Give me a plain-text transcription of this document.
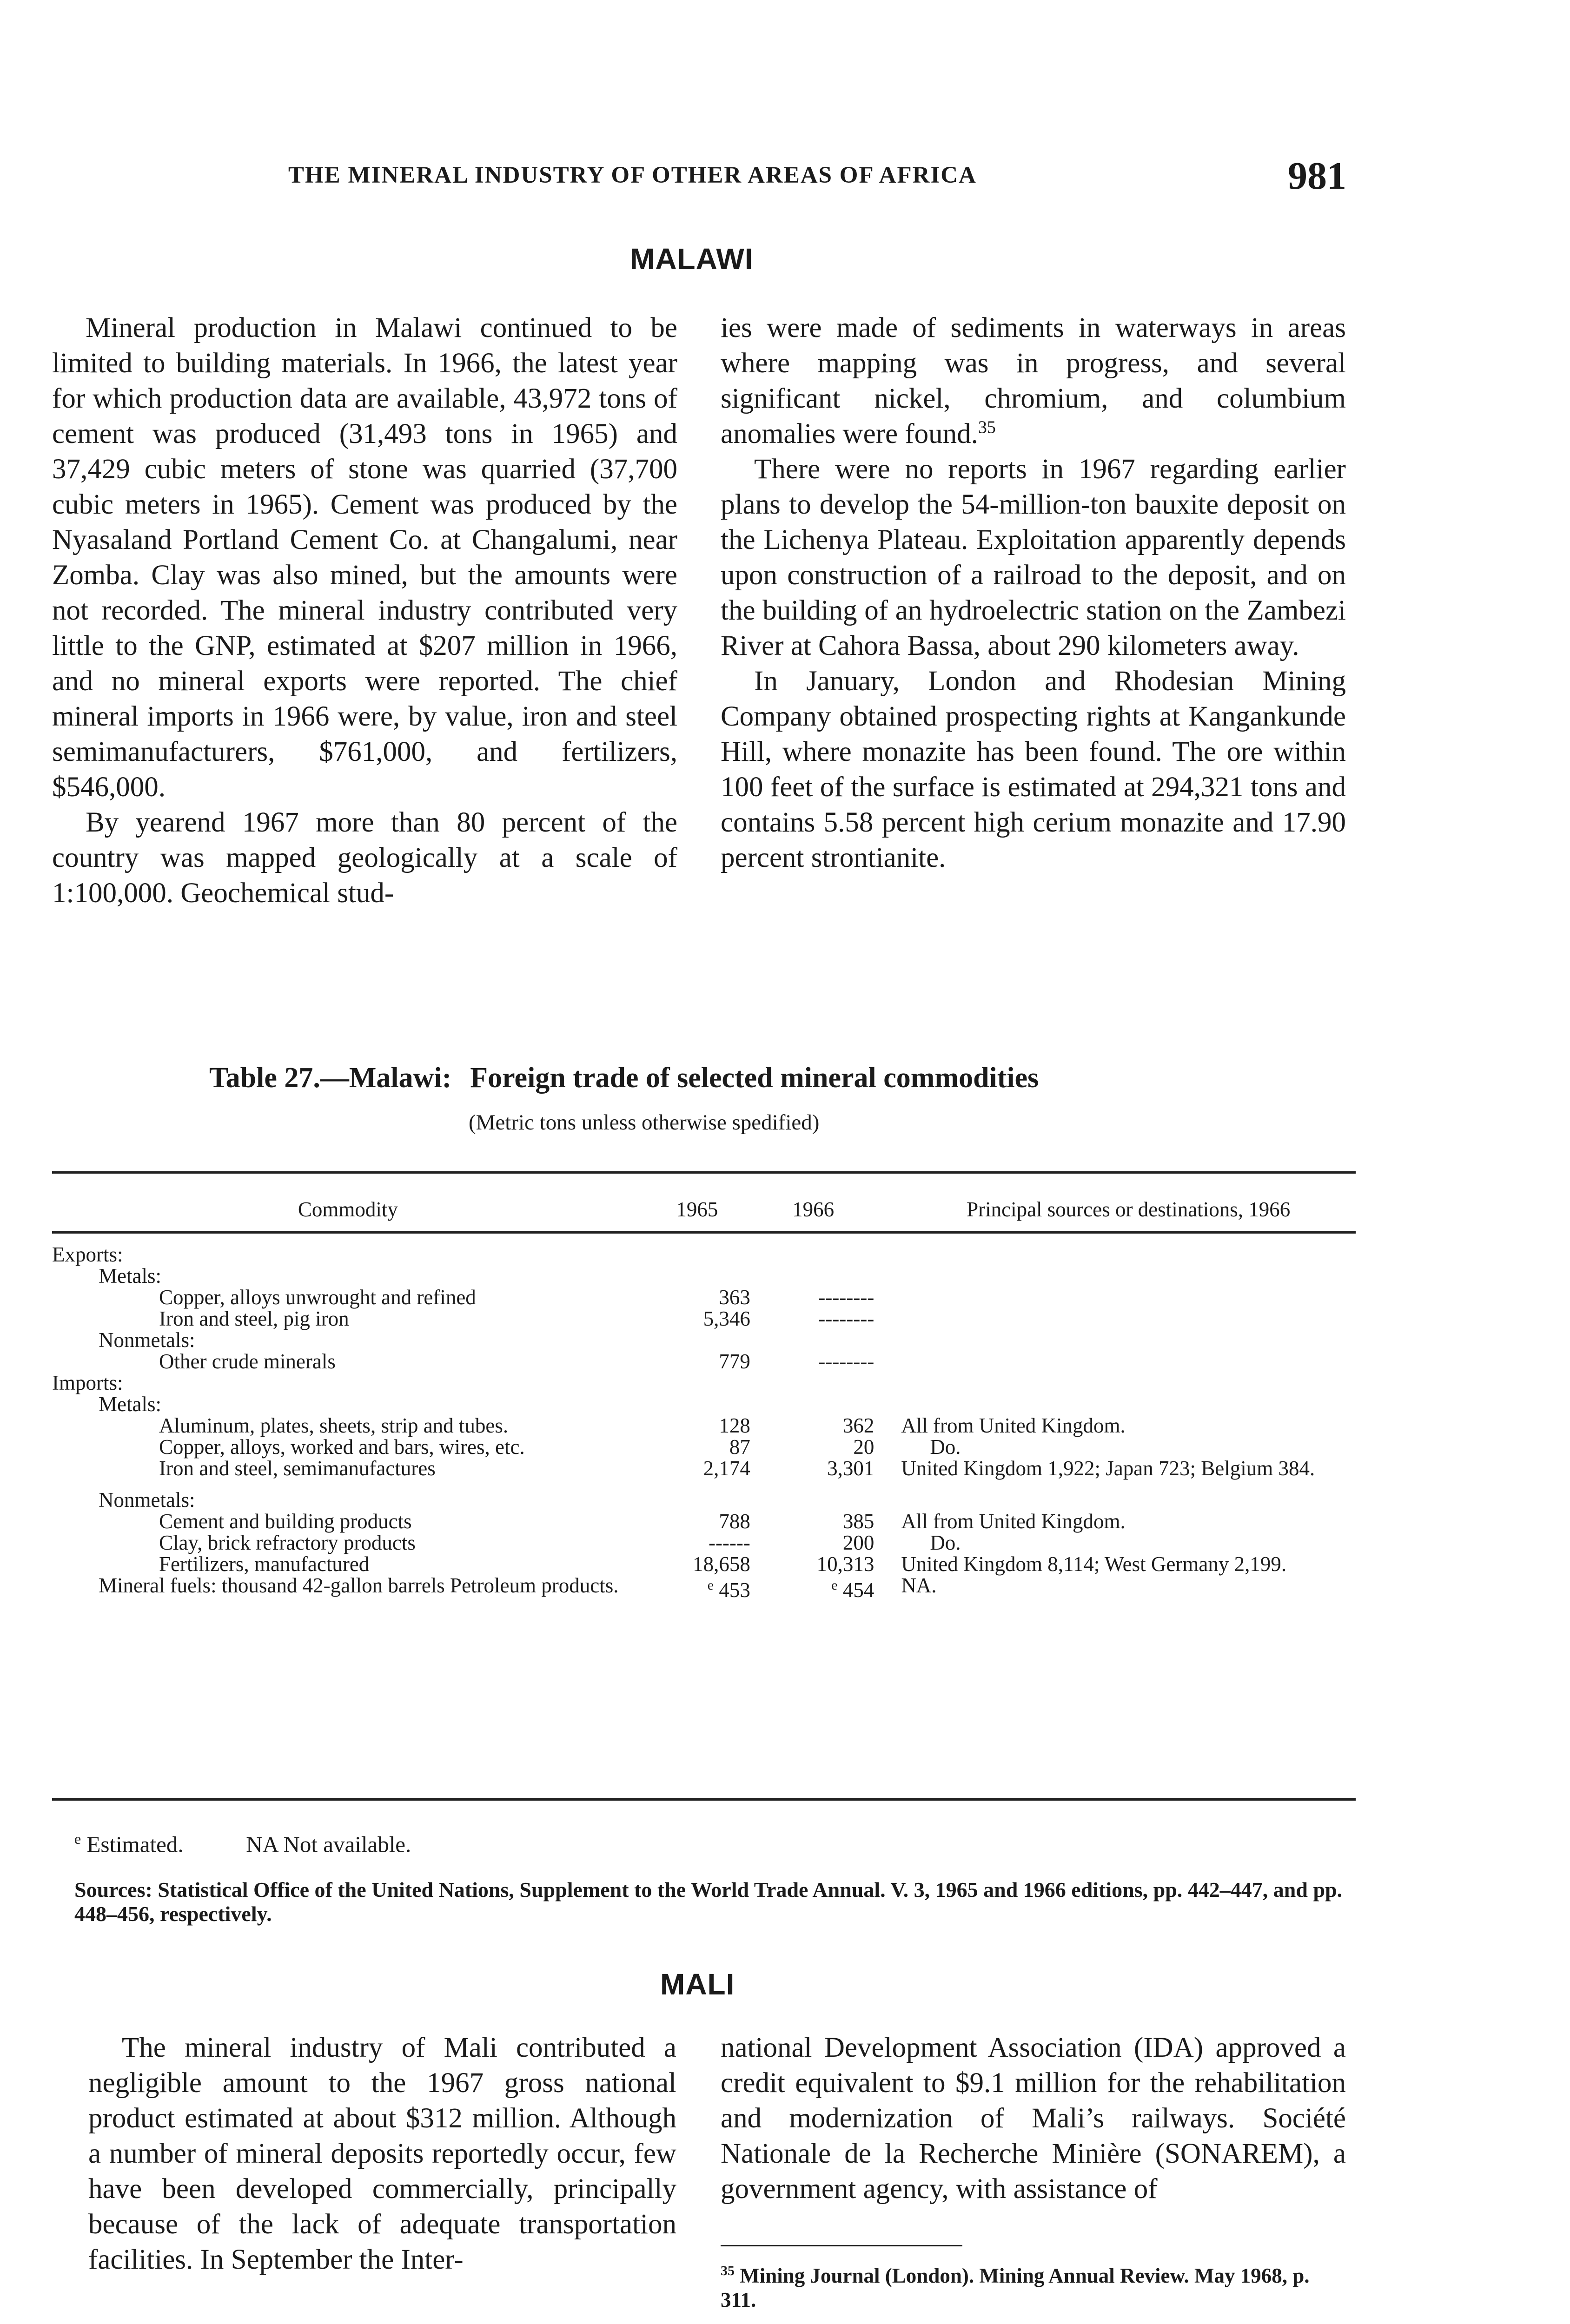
THE MINERAL INDUSTRY OF OTHER AREAS OF AFRICA	981
MALAWI

Mineral production in Malawi continued to be limited to building materials. In 1966, the latest year for which production data are available, 43,972 tons of cement was produced (31,493 tons in 1965) and 37,429 cubic meters of stone was quarried (37,700 cubic meters in 1965). Cement was produced by the Nyasaland Portland Cement Co. at Changalumi, near Zomba. Clay was also mined, but the amounts were not recorded. The mineral industry contributed very little to the GNP, estimated at $207 million in 1966, and no mineral exports were reported. The chief mineral imports in 1966 were, by value, iron and steel semimanufacturers, $761,000, and fertilizers, $546,000.

By yearend 1967 more than 80 percent of the country was mapped geologically at a scale of 1:100,000. Geochemical stud-

ies were made of sediments in waterways in areas where mapping was in progress, and several significant nickel, chromium, and columbium anomalies were found.$^{35}$

There were no reports in 1967 regarding earlier plans to develop the 54-million-ton bauxite deposit on the Lichenya Plateau. Exploitation apparently depends upon construction of a railroad to the deposit, and on the building of an hydroelectric station on the Zambezi River at Cahora Bassa, about 290 kilometers away.

In January, London and Rhodesian Mining Company obtained prospecting rights at Kangankunde Hill, where monazite has been found. The ore within 100 feet of the surface is estimated at 294,321 tons and contains 5.58 percent high cerium monazite and 17.90 percent strontianite.

Table 27.—Malawi: Foreign trade of selected mineral commodities
(Metric tons unless otherwise spedified)
Commodity	1965	1966	Principal sources or destinations, 1966

Exports:			
Metals:			
Copper, alloys unwrought and refined	363	--------	
Iron and steel, pig iron	5,346	--------	
Nonmetals:			
Other crude minerals	779	--------	
Imports:			
Metals:			
Aluminum, plates, sheets, strip and tubes.	128	362	All from United Kingdom.
Copper, alloys, worked and bars, wires, etc.	87	20	Do.
Iron and steel, semimanufactures	2,174	3,301	United Kingdom 1,922; Japan 723; Belgium 384.

Nonmetals:			
Cement and building products	788	385	All from United Kingdom.
Clay, brick refractory products	------	200	Do.
Fertilizers, manufactured	18,658	10,313	United Kingdom 8,114; West Germany 2,199.
Mineral fuels: thousand 42-gallon barrels Petroleum products.	$^e$ 453	$^e$ 454	NA.
$^e$ Estimated.	NA Not available.
Sources: Statistical Office of the United Nations, Supplement to the World Trade Annual. V. 3, 1965 and 1966 editions, pp. 442–447, and pp. 448–456, respectively.
MALI

The mineral industry of Mali contributed a negligible amount to the 1967 gross national product estimated at about $312 million. Although a number of mineral deposits reportedly occur, few have been developed commercially, principally because of the lack of adequate transportation facilities. In September the Inter-

national Development Association (IDA) approved a credit equivalent to $9.1 million for the rehabilitation and modernization of Mali’s railways. Société Nationale de la Recherche Minière (SONAREM), a government agency, with assistance of

$^{35}$ Mining Journal (London). Mining Annual Review. May 1968, p. 311.
